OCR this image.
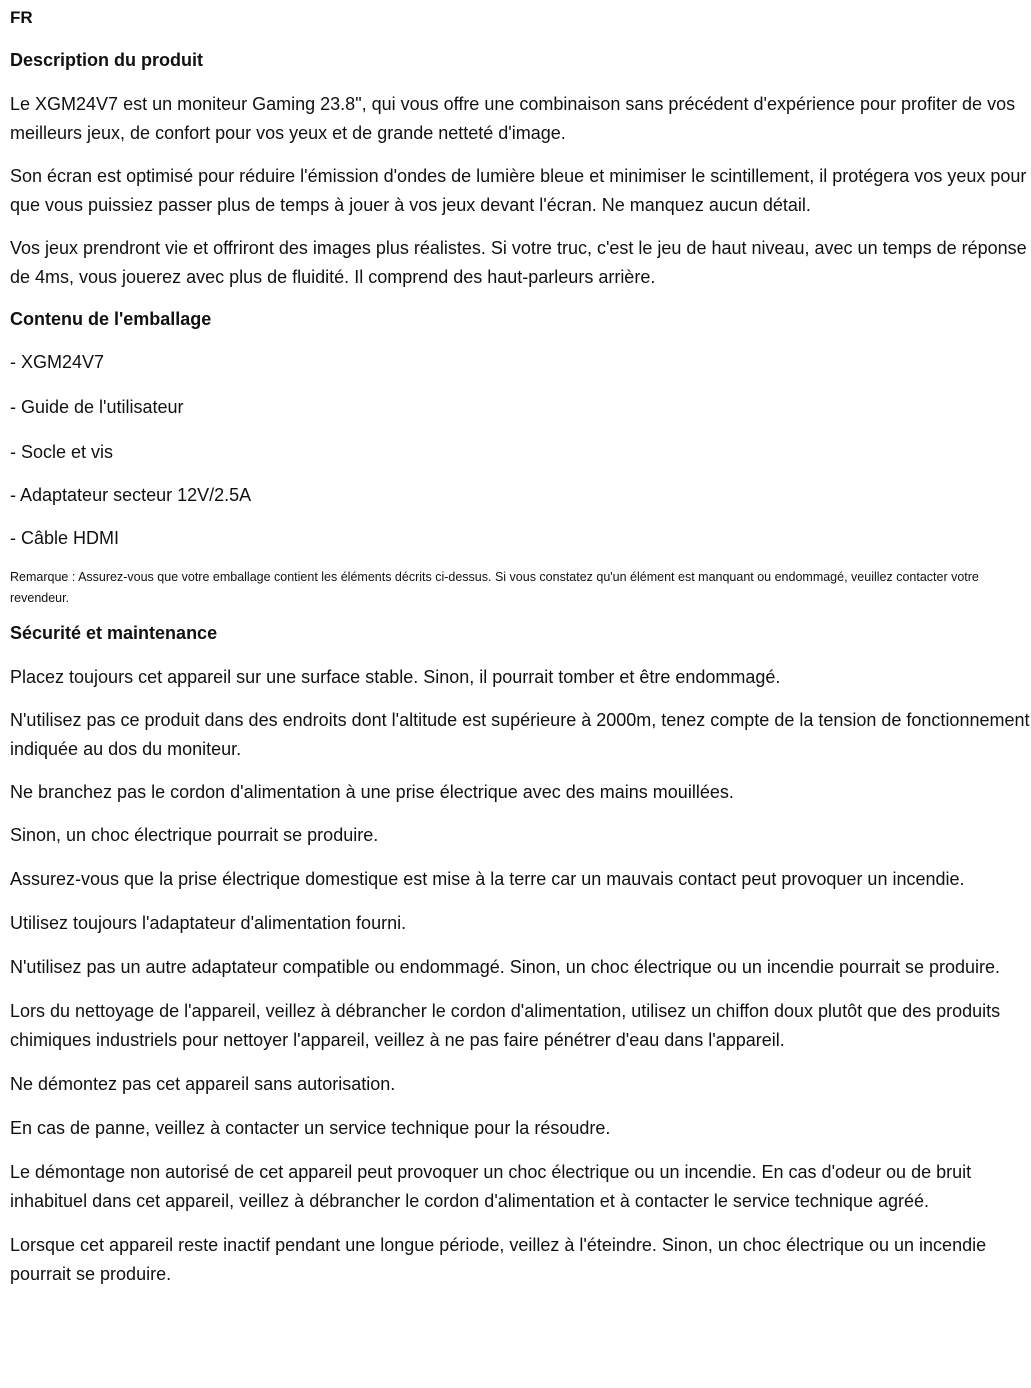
FR
Description du produit

Le XGM24V7 est un moniteur Gaming 23.8", qui vous offre une combinaison sans précédent d'expérience pour profiter de vos meilleurs jeux, de confort pour vos yeux et de grande netteté d'image.

Son écran est optimisé pour réduire l'émission d'ondes de lumière bleue et minimiser le scintillement, il protégera vos yeux pour que vous puissiez passer plus de temps à jouer à vos jeux devant l'écran. Ne manquez aucun détail.

Vos jeux prendront vie et offriront des images plus réalistes. Si votre truc, c'est le jeu de haut niveau, avec un temps de réponse de 4ms, vous jouerez avec plus de fluidité. Il comprend des haut-parleurs arrière.

Contenu de l'emballage
- XGM24V7
- Guide de l'utilisateur
- Socle et vis
- Adaptateur secteur 12V/2.5A
- Câble HDMI
Remarque : Assurez-vous que votre emballage contient les éléments décrits ci-dessus. Si vous constatez qu'un élément est manquant ou endommagé, veuillez contacter votre revendeur.
Sécurité et maintenance

Placez toujours cet appareil sur une surface stable. Sinon, il pourrait tomber et être endommagé.

N'utilisez pas ce produit dans des endroits dont l'altitude est supérieure à 2000m, tenez compte de la tension de fonctionnement indiquée au dos du moniteur.

Ne branchez pas le cordon d'alimentation à une prise électrique avec des mains mouillées.

Sinon, un choc électrique pourrait se produire.

Assurez-vous que la prise électrique domestique est mise à la terre car un mauvais contact peut provoquer un incendie.

Utilisez toujours l'adaptateur d'alimentation fourni.

N'utilisez pas un autre adaptateur compatible ou endommagé. Sinon, un choc électrique ou un incendie pourrait se produire.

Lors du nettoyage de l'appareil, veillez à débrancher le cordon d'alimentation, utilisez un chiffon doux plutôt que des produits chimiques industriels pour nettoyer l'appareil, veillez à ne pas faire pénétrer d'eau dans l'appareil.

Ne démontez pas cet appareil sans autorisation.

En cas de panne, veillez à contacter un service technique pour la résoudre.

Le démontage non autorisé de cet appareil peut provoquer un choc électrique ou un incendie. En cas d'odeur ou de bruit inhabituel dans cet appareil, veillez à débrancher le cordon d'alimentation et à contacter le service technique agréé.

Lorsque cet appareil reste inactif pendant une longue période, veillez à l'éteindre. Sinon, un choc électrique ou un incendie pourrait se produire.
